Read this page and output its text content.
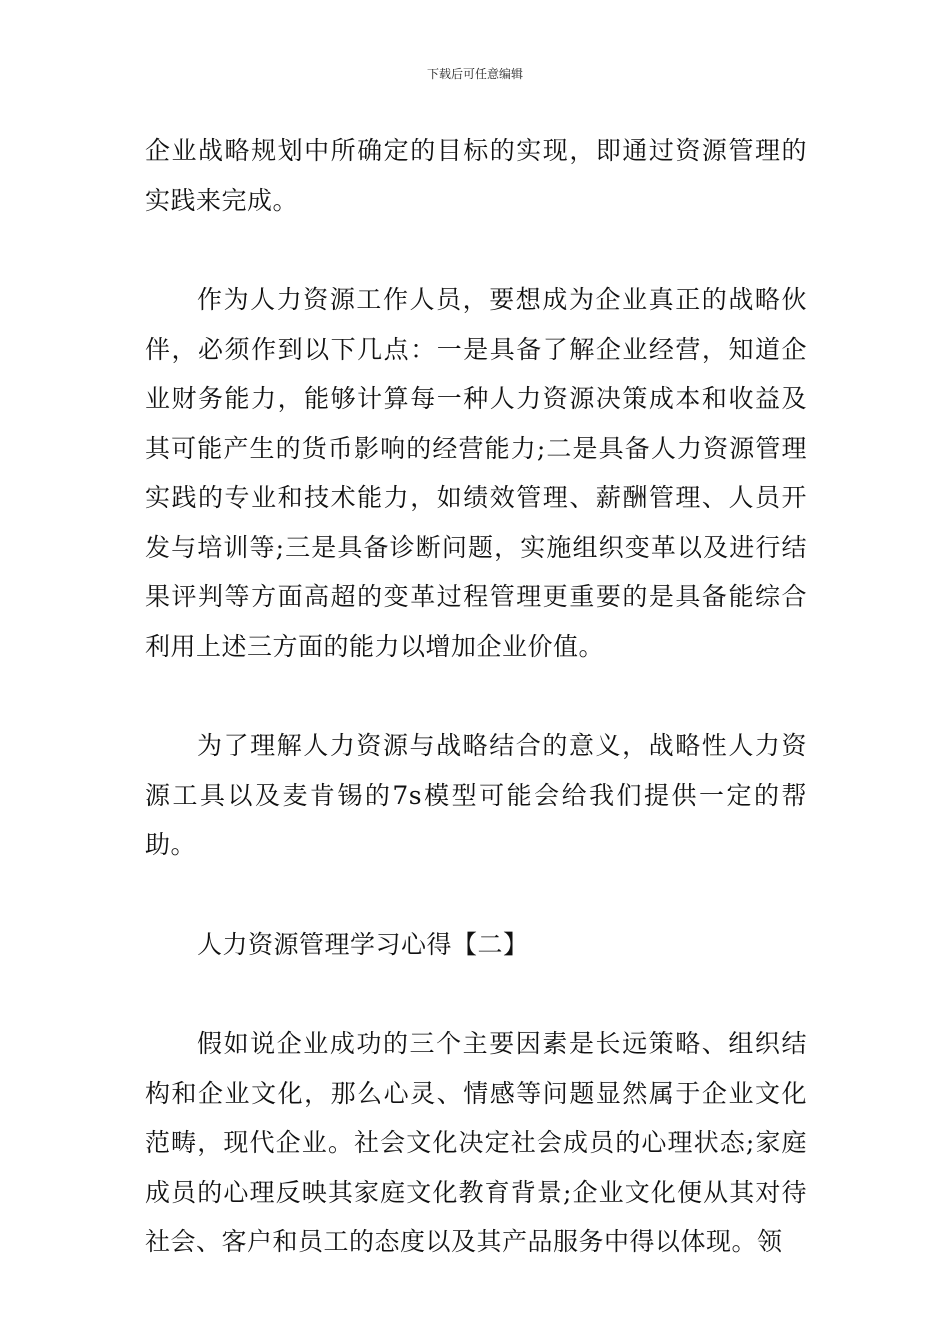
下载后可任意编辑

企业战略规划中所确定的目标的实现，即通过资源管理的实践来完成。

作为人力资源工作人员，要想成为企业真正的战略伙伴，必须作到以下几点：一是具备了解企业经营，知道企业财务能力，能够计算每一种人力资源决策成本和收益及其可能产生的货币影响的经营能力;二是具备人力资源管理实践的专业和技术能力，如绩效管理、薪酬管理、人员开发与培训等;三是具备诊断问题，实施组织变革以及进行结果评判等方面高超的变革过程管理更重要的是具备能综合利用上述三方面的能力以增加企业价值。

为了理解人力资源与战略结合的意义，战略性人力资源工具以及麦肯锡的7s模型可能会给我们提供一定的帮助。

人力资源管理学习心得【二】

假如说企业成功的三个主要因素是长远策略、组织结构和企业文化，那么心灵、情感等问题显然属于企业文化范畴，现代企业。社会文化决定社会成员的心理状态;家庭成员的心理反映其家庭文化教育背景;企业文化便从其对待社会、客户和员工的态度以及其产品服务中得以体现。领
